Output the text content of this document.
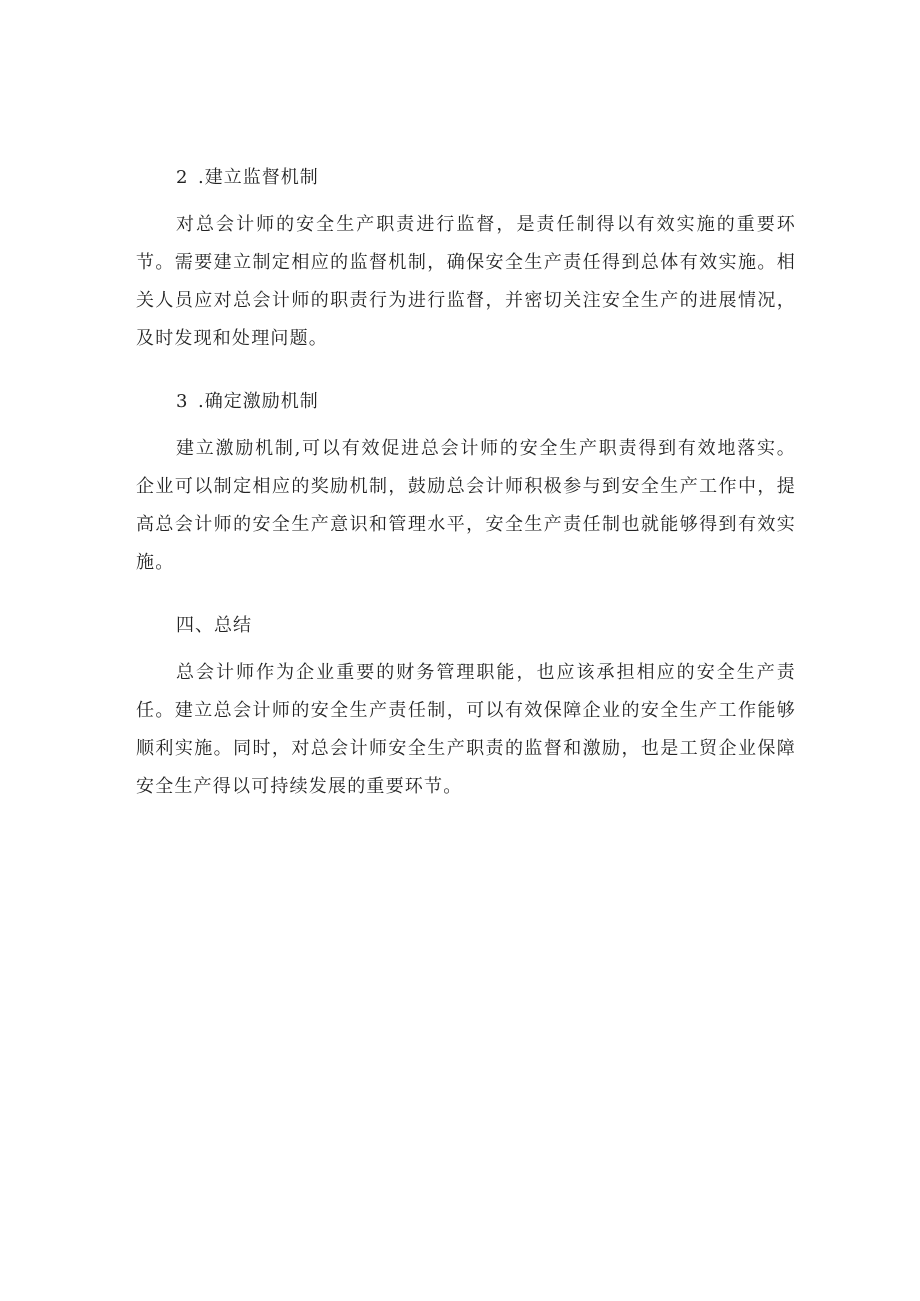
2 .建立监督机制

对总会计师的安全生产职责进行监督，是责任制得以有效实施的重要环节。需要建立制定相应的监督机制，确保安全生产责任得到总体有效实施。相关人员应对总会计师的职责行为进行监督，并密切关注安全生产的进展情况，及时发现和处理问题。

3 .确定激励机制

建立激励机制,可以有效促进总会计师的安全生产职责得到有效地落实。企业可以制定相应的奖励机制，鼓励总会计师积极参与到安全生产工作中，提高总会计师的安全生产意识和管理水平，安全生产责任制也就能够得到有效实施。

四、总结

总会计师作为企业重要的财务管理职能，也应该承担相应的安全生产责任。建立总会计师的安全生产责任制，可以有效保障企业的安全生产工作能够顺利实施。同时，对总会计师安全生产职责的监督和激励，也是工贸企业保障安全生产得以可持续发展的重要环节。
